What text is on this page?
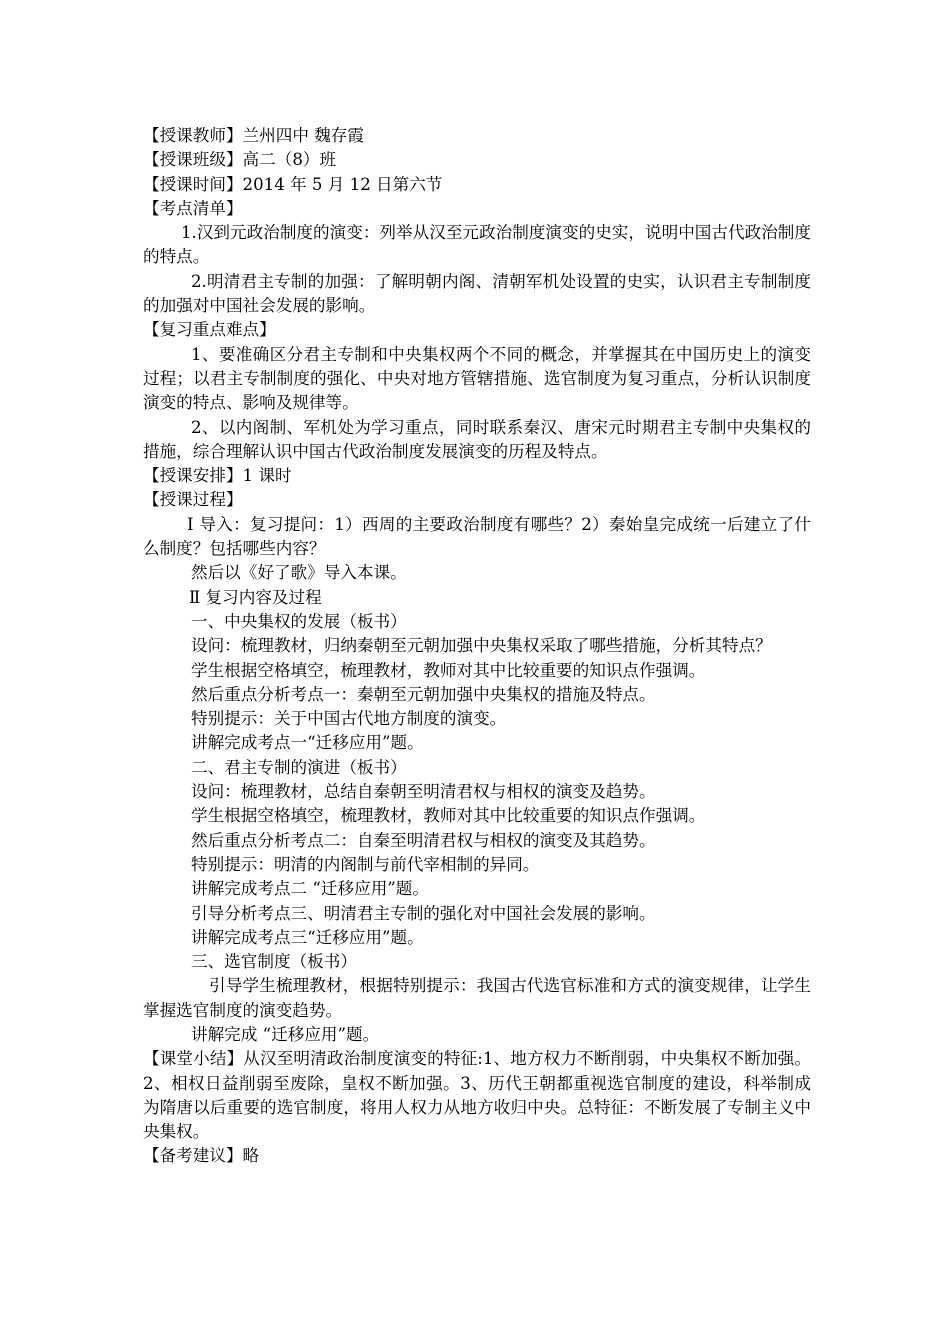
【授课教师】兰州四中 魏存霞

【授课班级】高二（8）班

【授课时间】2014 年 5 月 12 日第六节

【考点清单】

1.汉到元政治制度的演变：列举从汉至元政治制度演变的史实，说明中国古代政治制度的特点。

2.明清君主专制的加强：了解明朝内阁、清朝军机处设置的史实，认识君主专制制度的加强对中国社会发展的影响。

【复习重点难点】

1、要准确区分君主专制和中央集权两个不同的概念，并掌握其在中国历史上的演变过程；以君主专制制度的强化、中央对地方管辖措施、选官制度为复习重点，分析认识制度演变的特点、影响及规律等。

2、以内阁制、军机处为学习重点，同时联系秦汉、唐宋元时期君主专制中央集权的措施，综合理解认识中国古代政治制度发展演变的历程及特点。

【授课安排】1 课时

【授课过程】

Ⅰ 导入：复习提问：1）西周的主要政治制度有哪些？2）秦始皇完成统一后建立了什么制度？包括哪些内容？

然后以《好了歌》导入本课。

Ⅱ 复习内容及过程

一、中央集权的发展（板书）

设问：梳理教材，归纳秦朝至元朝加强中央集权采取了哪些措施，分析其特点？

学生根据空格填空，梳理教材，教师对其中比较重要的知识点作强调。

然后重点分析考点一：秦朝至元朝加强中央集权的措施及特点。

特别提示：关于中国古代地方制度的演变。

讲解完成考点一“迁移应用”题。

二、君主专制的演进（板书）

设问：梳理教材，总结自秦朝至明清君权与相权的演变及趋势。

学生根据空格填空，梳理教材，教师对其中比较重要的知识点作强调。

然后重点分析考点二：自秦至明清君权与相权的演变及其趋势。

特别提示：明清的内阁制与前代宰相制的异同。

讲解完成考点二 “迁移应用”题。

引导分析考点三、明清君主专制的强化对中国社会发展的影响。

讲解完成考点三“迁移应用”题。

三、选官制度（板书）

引导学生梳理教材，根据特别提示：我国古代选官标准和方式的演变规律，让学生掌握选官制度的演变趋势。

讲解完成 “迁移应用”题。

【课堂小结】从汉至明清政治制度演变的特征:1、地方权力不断削弱，中央集权不断加强。2、相权日益削弱至废除，皇权不断加强。3、历代王朝都重视选官制度的建设，科举制成为隋唐以后重要的选官制度，将用人权力从地方收归中央。总特征：不断发展了专制主义中央集权。

【备考建议】略
